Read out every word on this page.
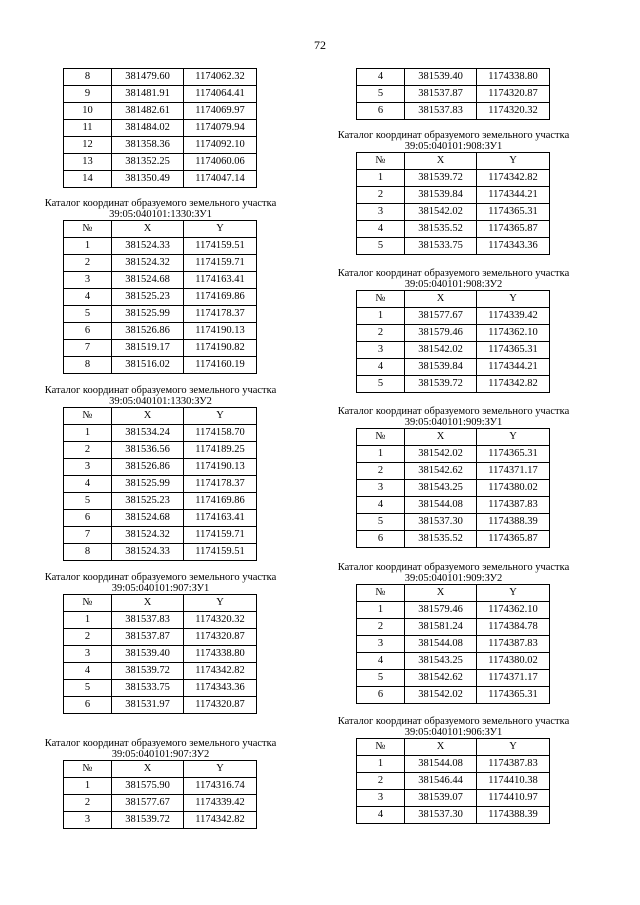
72
8	381479.60	1174062.32
9	381481.91	1174064.41
10	381482.61	1174069.97
11	381484.02	1174079.94
12	381358.36	1174092.10
13	381352.25	1174060.06
14	381350.49	1174047.14
Каталог координат образуемого земельного участка
39:05:040101:1330:ЗУ1
№	X	Y
1	381524.33	1174159.51
2	381524.32	1174159.71
3	381524.68	1174163.41
4	381525.23	1174169.86
5	381525.99	1174178.37
6	381526.86	1174190.13
7	381519.17	1174190.82
8	381516.02	1174160.19
Каталог координат образуемого земельного участка
39:05:040101:1330:ЗУ2
№	X	Y
1	381534.24	1174158.70
2	381536.56	1174189.25
3	381526.86	1174190.13
4	381525.99	1174178.37
5	381525.23	1174169.86
6	381524.68	1174163.41
7	381524.32	1174159.71
8	381524.33	1174159.51
Каталог координат образуемого земельного участка
39:05:040101:907:ЗУ1
№	X	Y
1	381537.83	1174320.32
2	381537.87	1174320.87
3	381539.40	1174338.80
4	381539.72	1174342.82
5	381533.75	1174343.36
6	381531.97	1174320.87
Каталог координат образуемого земельного участка
39:05:040101:907:ЗУ2
№	X	Y
1	381575.90	1174316.74
2	381577.67	1174339.42
3	381539.72	1174342.82
4	381539.40	1174338.80
5	381537.87	1174320.87
6	381537.83	1174320.32
Каталог координат образуемого земельного участка
39:05:040101:908:ЗУ1
№	X	Y
1	381539.72	1174342.82
2	381539.84	1174344.21
3	381542.02	1174365.31
4	381535.52	1174365.87
5	381533.75	1174343.36
Каталог координат образуемого земельного участка
39:05:040101:908:ЗУ2
№	X	Y
1	381577.67	1174339.42
2	381579.46	1174362.10
3	381542.02	1174365.31
4	381539.84	1174344.21
5	381539.72	1174342.82
Каталог координат образуемого земельного участка
39:05:040101:909:ЗУ1
№	X	Y
1	381542.02	1174365.31
2	381542.62	1174371.17
3	381543.25	1174380.02
4	381544.08	1174387.83
5	381537.30	1174388.39
6	381535.52	1174365.87
Каталог координат образуемого земельного участка
39:05:040101:909:ЗУ2
№	X	Y
1	381579.46	1174362.10
2	381581.24	1174384.78
3	381544.08	1174387.83
4	381543.25	1174380.02
5	381542.62	1174371.17
6	381542.02	1174365.31
Каталог координат образуемого земельного участка
39:05:040101:906:ЗУ1
№	X	Y
1	381544.08	1174387.83
2	381546.44	1174410.38
3	381539.07	1174410.97
4	381537.30	1174388.39
